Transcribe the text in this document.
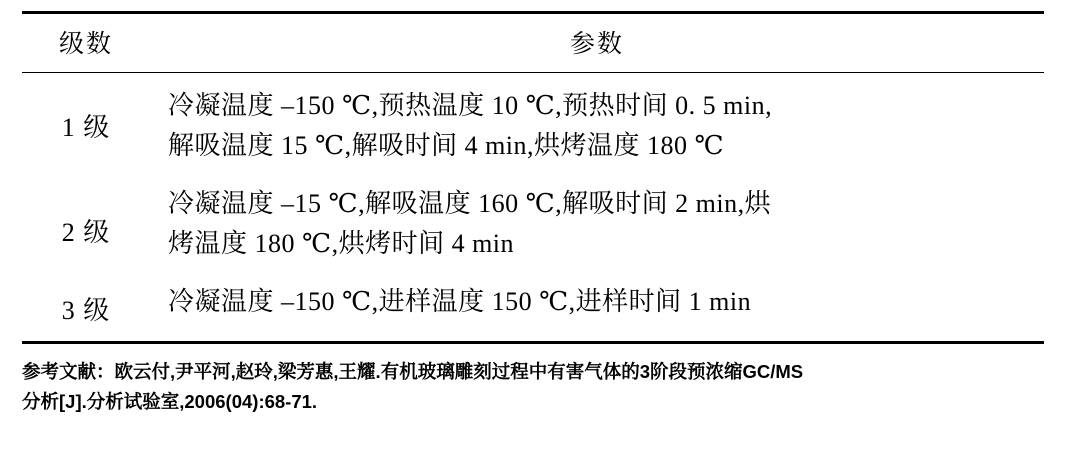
级数	参数
1 级	冷凝温度 –150 ℃,预热温度 10 ℃,预热时间 0. 5 min,
解吸温度 15 ℃,解吸时间 4 min,烘烤温度 180 ℃

2 级	冷凝温度 –15 ℃,解吸温度 160 ℃,解吸时间 2 min,烘
烤温度 180 ℃,烘烤时间 4 min

3 级	冷凝温度 –150 ℃,进样温度 150 ℃,进样时间 1 min
参考文献：欧云付,尹平河,赵玲,梁芳惠,王耀.有机玻璃雕刻过程中有害气体的3阶段预浓缩GC/MS
分析[J].分析试验室,2006(04):68-71.
